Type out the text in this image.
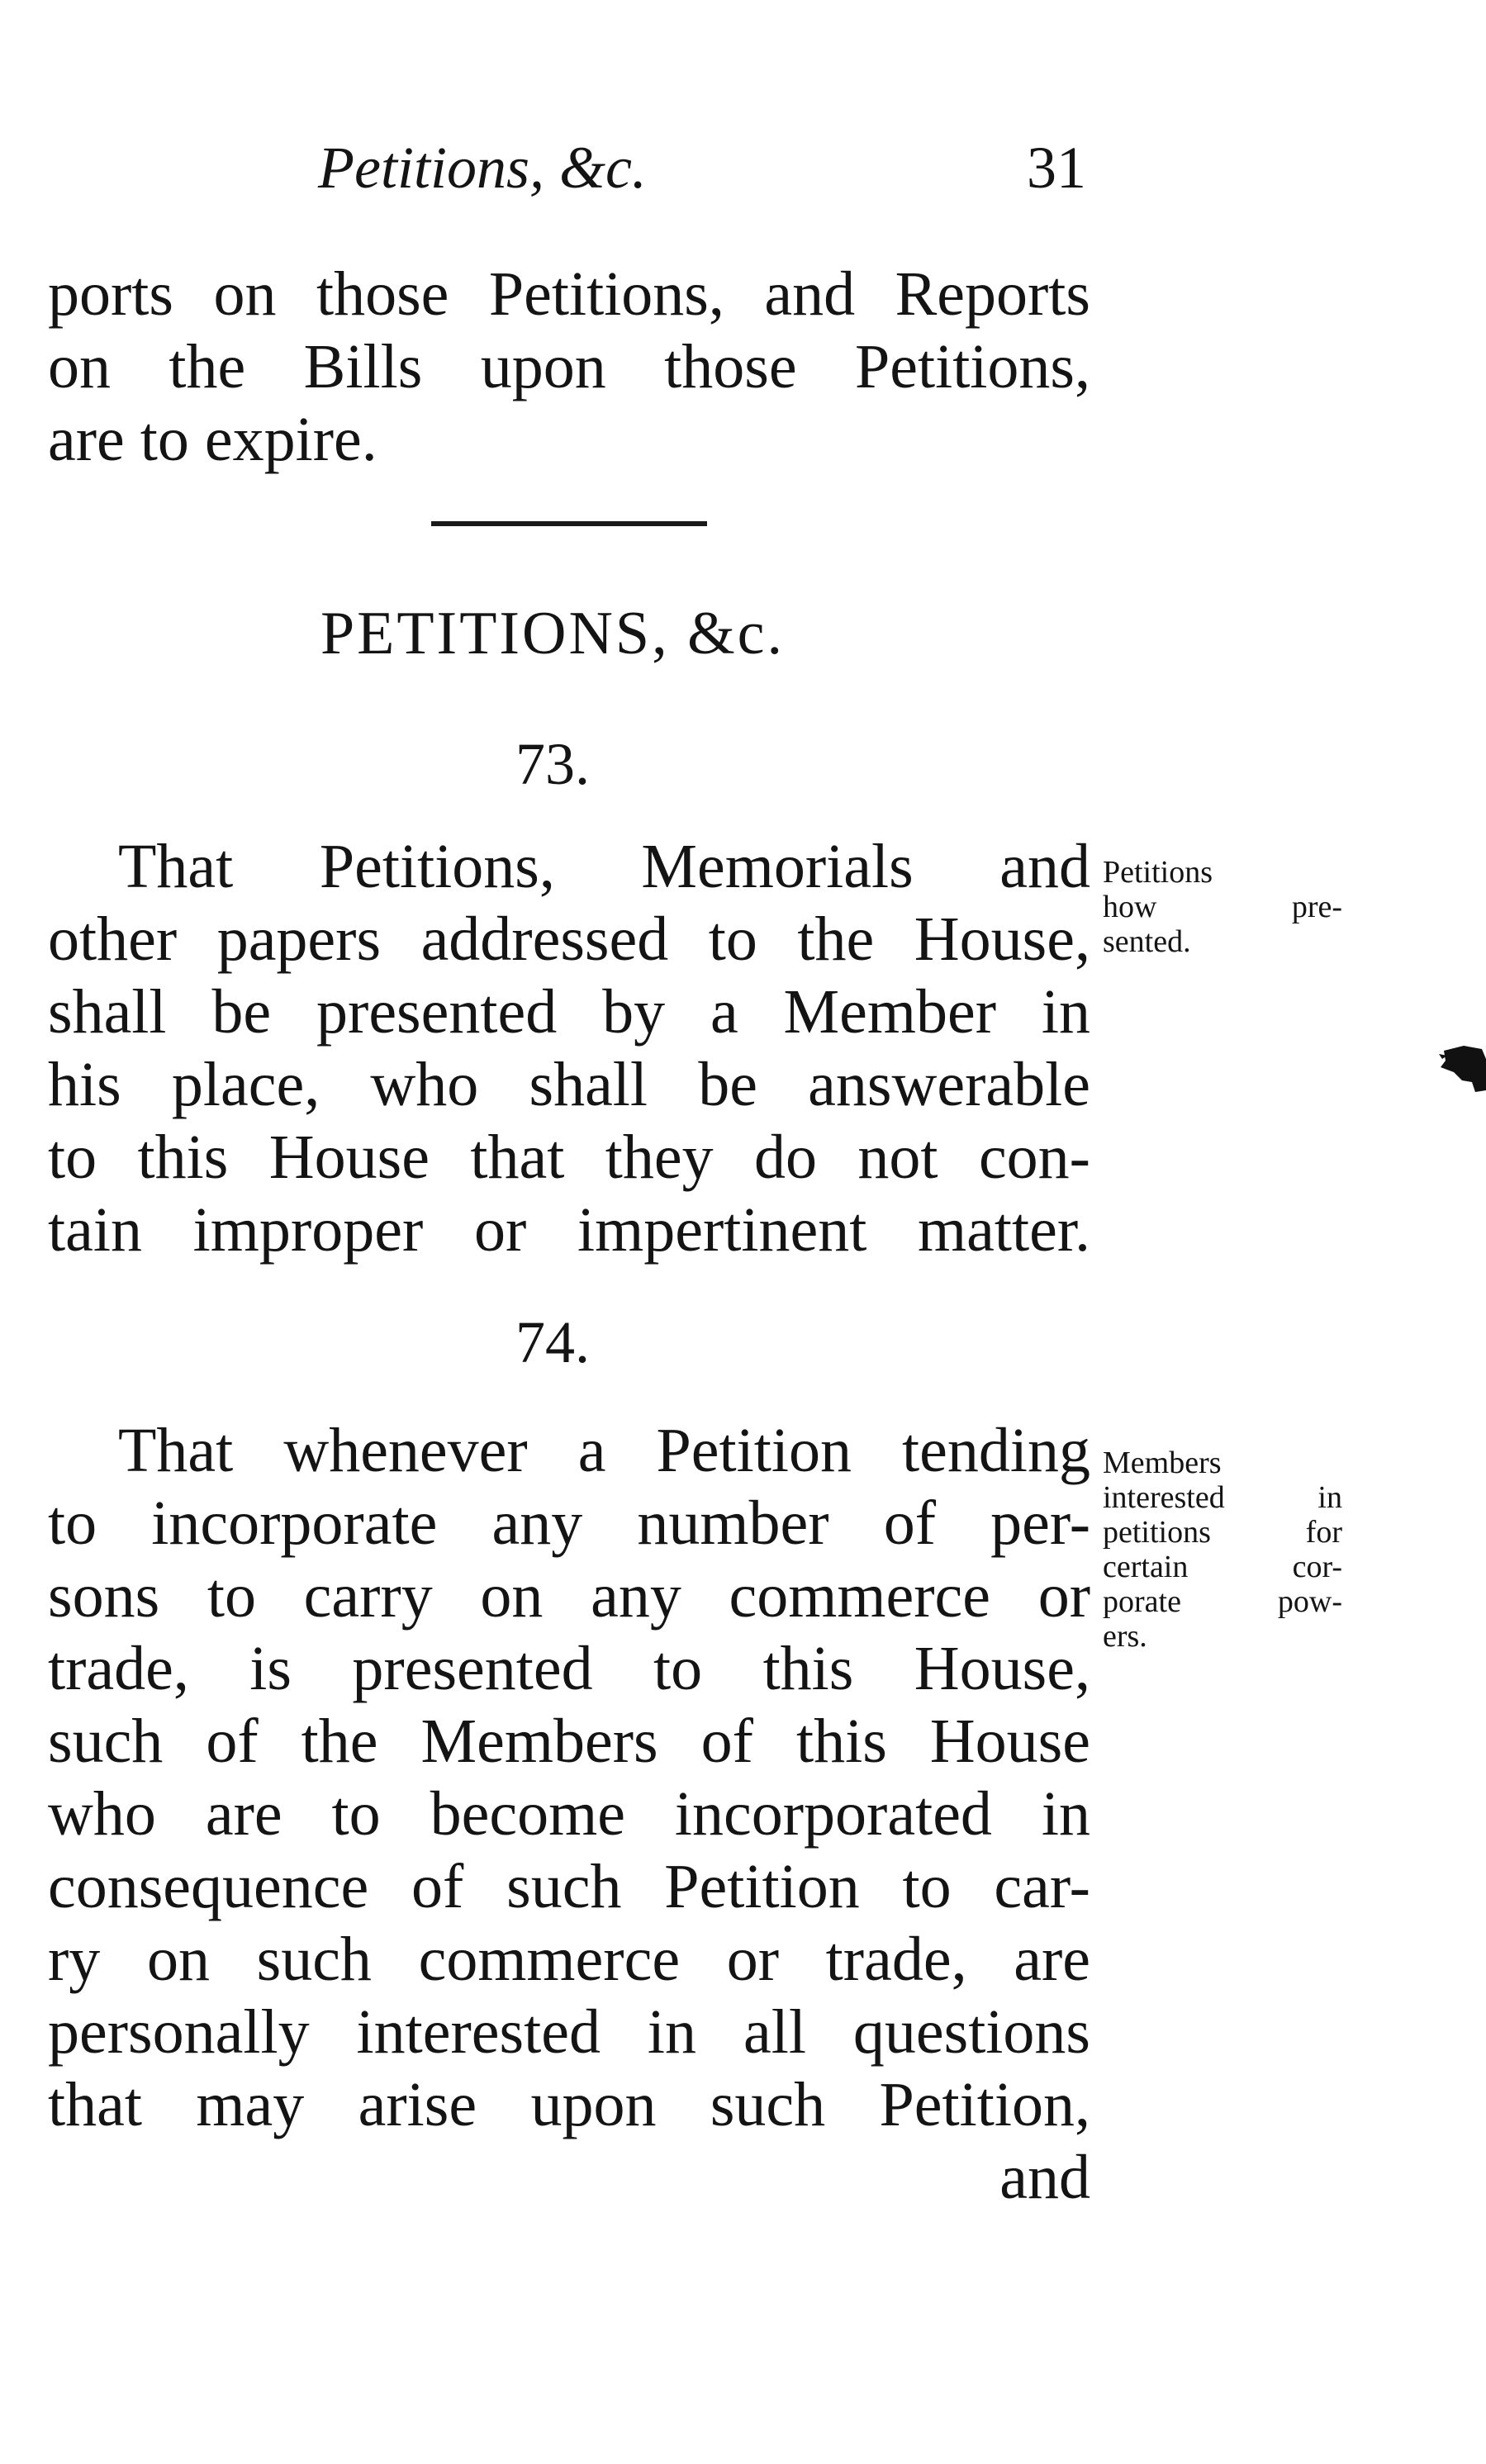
Petitions, &c.	31
ports on those Petitions, and Reports
on the Bills upon those Petitions,
are to expire.
PETITIONS, &c.
73.
That Petitions, Memorials and
other papers addressed to the House,
shall be presented by a Member in
his place, who shall be answerable
to this House that they do not con-
tain improper or impertinent matter.
Petitions
how pre-
sented.
74.
That whenever a Petition tending
to incorporate any number of per-
sons to carry on any commerce or
trade, is presented to this House,
such of the Members of this House
who are to become incorporated in
consequence of such Petition to car-
ry on such commerce or trade, are
personally interested in all questions
that may arise upon such Petition,
and
Members
interested in
petitions for
certain cor-
porate pow-
ers.
